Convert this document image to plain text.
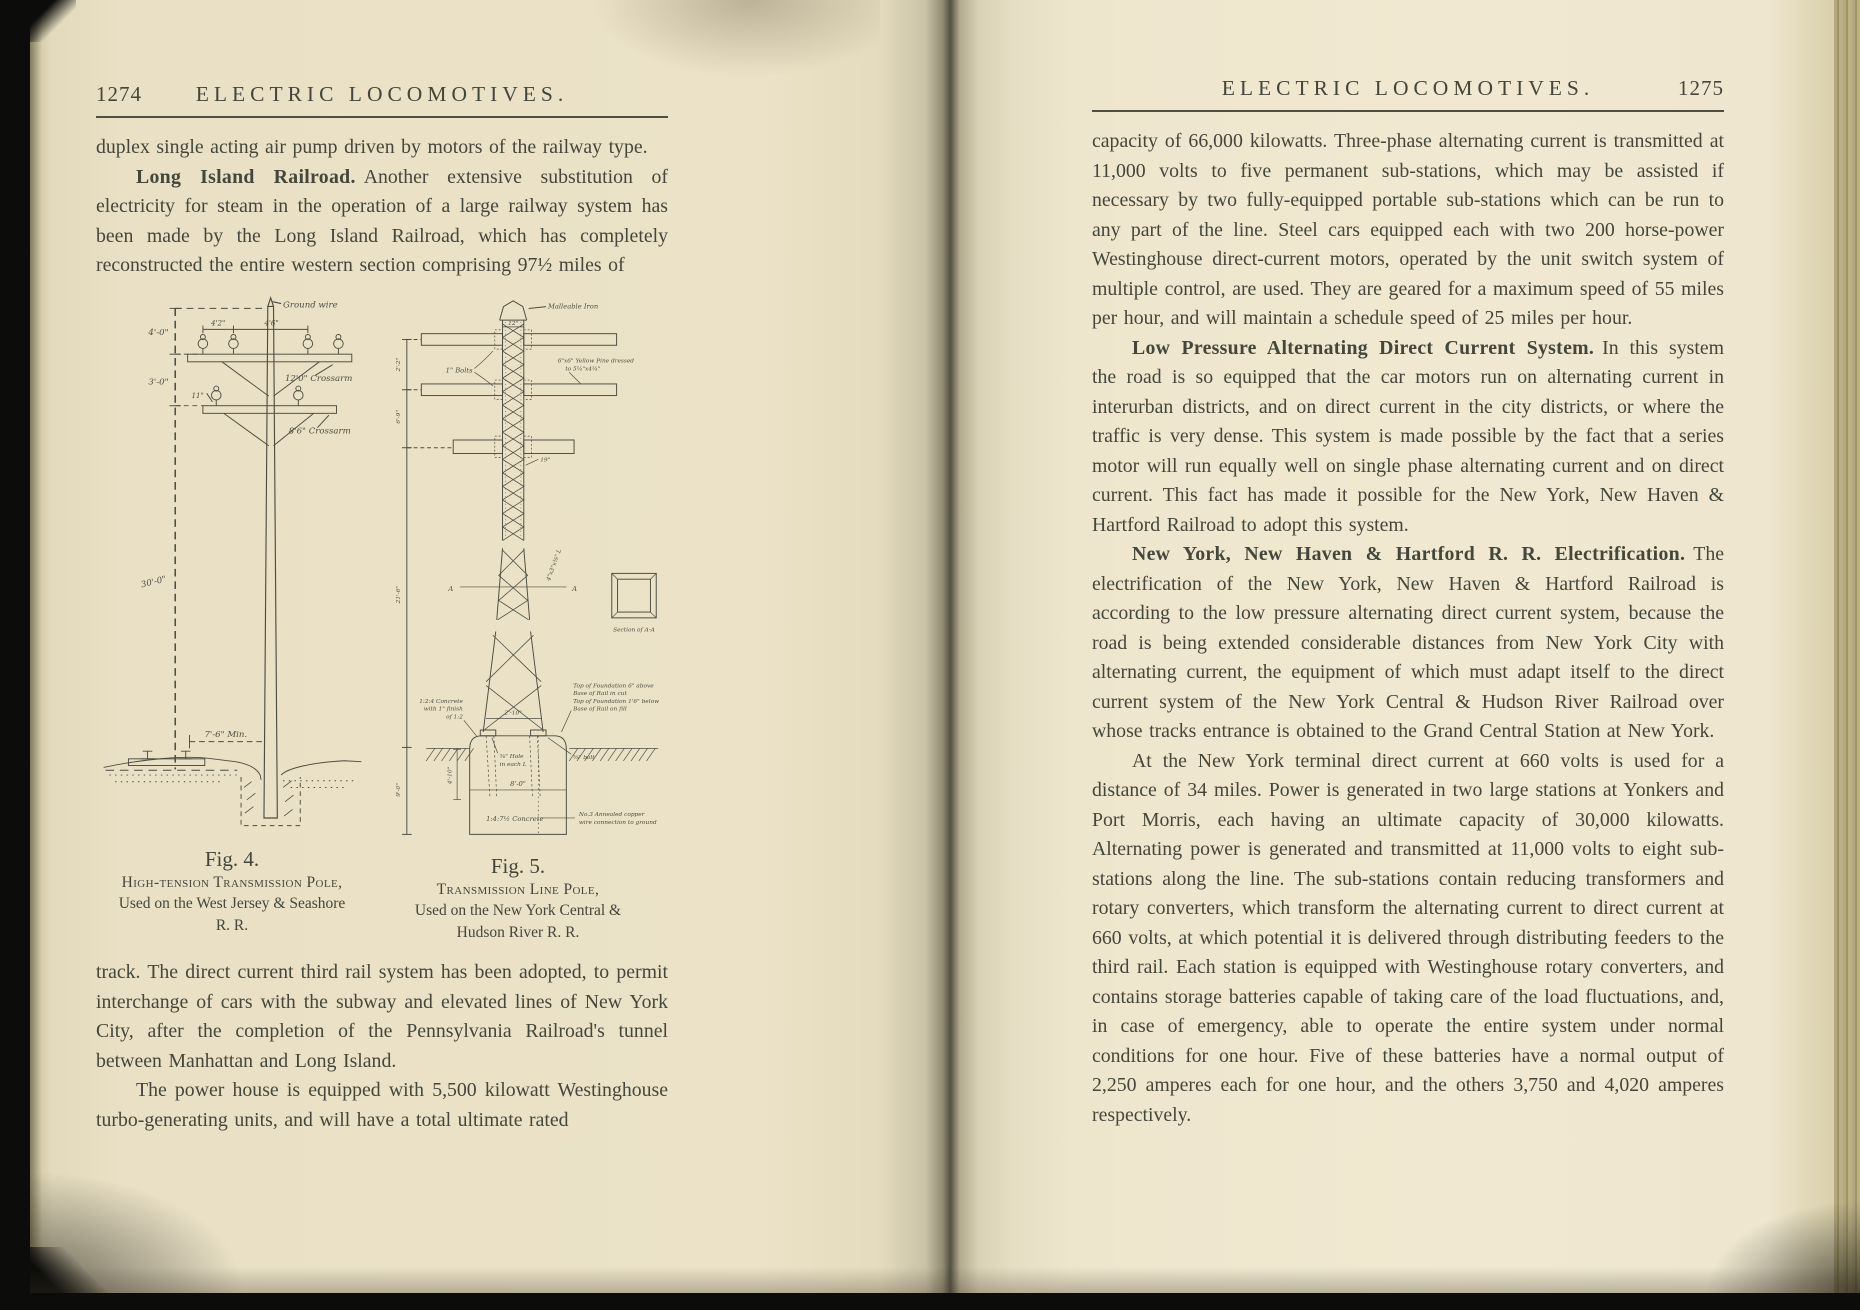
1274	ELECTRIC LOCOMOTIVES.

duplex single acting air pump driven by motors of the railway type.

Long Island Railroad. Another extensive substitution of electricity for steam in the operation of a large railway system has been made by the Long Island Railroad, which has completely reconstructed the entire western section comprising 97½ miles of

Ground wire
4'-0"
3'-0"
30'-0"
4'2"	4'6"
11"
12'0" Crossarm
8'6" Crossarm
7'-6" Min.
Fig. 4.
High-tension Transmission Pole,
Used on the West Jersey & Seashore
R. R.
Malleable Iron
12"
1" Bolts
6"x6" Yellow Pine dressed
to 5¼"x4¼"
2'-2"
6'-9"
19"
21'-6"
4"x3"x⅜" L
A	A
Section of A-A
1:2:4 Concrete
with 1" finish
of 1:2
⅝" Hole
in each L
⅝" bolt
Top of Foundation 6" above
Base of Rail in cut
Top of Foundation 1'6" below
Base of Rail on fill
8'-0"
4'-10"
9'-0"
2'-10"
1:4:7½ Concrete	No.3 Annealed copper
wire connection to ground
Fig. 5.
Transmission Line Pole,
Used on the New York Central &
Hudson River R. R.

track. The direct current third rail system has been adopted, to permit interchange of cars with the subway and elevated lines of New York City, after the completion of the Pennsylvania Railroad's tunnel between Manhattan and Long Island.

The power house is equipped with 5,500 kilowatt Westinghouse turbo-generating units, and will have a total ultimate rated

ELECTRIC LOCOMOTIVES.	1275

capacity of 66,000 kilowatts. Three-phase alternating current is transmitted at 11,000 volts to five permanent sub-stations, which may be assisted if necessary by two fully-equipped portable sub-stations which can be run to any part of the line. Steel cars equipped each with two 200 horse-power Westinghouse direct-current motors, operated by the unit switch system of multiple control, are used. They are geared for a maximum speed of 55 miles per hour, and will maintain a schedule speed of 25 miles per hour.

Low Pressure Alternating Direct Current System. In this system the road is so equipped that the car motors run on alternating current in interurban districts, and on direct current in the city districts, or where the traffic is very dense. This system is made possible by the fact that a series motor will run equally well on single phase alternating current and on direct current. This fact has made it possible for the New York, New Haven & Hartford Railroad to adopt this system.

New York, New Haven & Hartford R. R. Electrification. The electrification of the New York, New Haven & Hartford Railroad is according to the low pressure alternating direct current system, because the road is being extended considerable distances from New York City with alternating current, the equipment of which must adapt itself to the direct current system of the New York Central & Hudson River Railroad over whose tracks entrance is obtained to the Grand Central Station at New York.

At the New York terminal direct current at 660 volts is used for a distance of 34 miles. Power is generated in two large stations at Yonkers and Port Morris, each having an ultimate capacity of 30,000 kilowatts. Alternating power is generated and transmitted at 11,000 volts to eight sub-stations along the line. The sub-stations contain reducing transformers and rotary converters, which transform the alternating current to direct current at 660 volts, at which potential it is delivered through distributing feeders to the third rail. Each station is equipped with Westinghouse rotary converters, and contains storage batteries capable of taking care of the load fluctuations, and, in case of emergency, able to operate the entire system under normal conditions for one hour. Five of these batteries have a normal output of 2,250 amperes each for one hour, and the others 3,750 and 4,020 amperes respectively.
